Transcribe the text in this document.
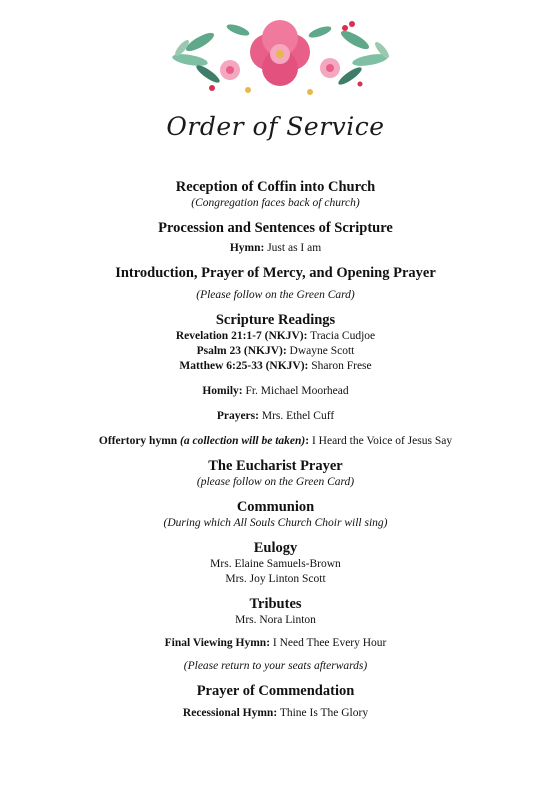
Order of Service
Reception of Coffin into Church
(Congregation faces back of church)
Procession and Sentences of Scripture
Hymn: Just as I am
Introduction, Prayer of Mercy, and Opening Prayer
(Please follow on the Green Card)
Scripture Readings
Revelation 21:1-7 (NKJV): Tracia Cudjoe
Psalm 23 (NKJV): Dwayne Scott
Matthew 6:25-33 (NKJV): Sharon Frese
Homily: Fr. Michael Moorhead
Prayers: Mrs. Ethel Cuff
Offertory hymn (a collection will be taken): I Heard the Voice of Jesus Say
The Eucharist Prayer
(please follow on the Green Card)
Communion
(During which All Souls Church Choir will sing)
Eulogy
Mrs. Elaine Samuels-Brown
Mrs. Joy Linton Scott
Tributes
Mrs. Nora Linton
Final Viewing Hymn: I Need Thee Every Hour
(Please return to your seats afterwards)
Prayer of Commendation
Recessional Hymn: Thine Is The Glory
